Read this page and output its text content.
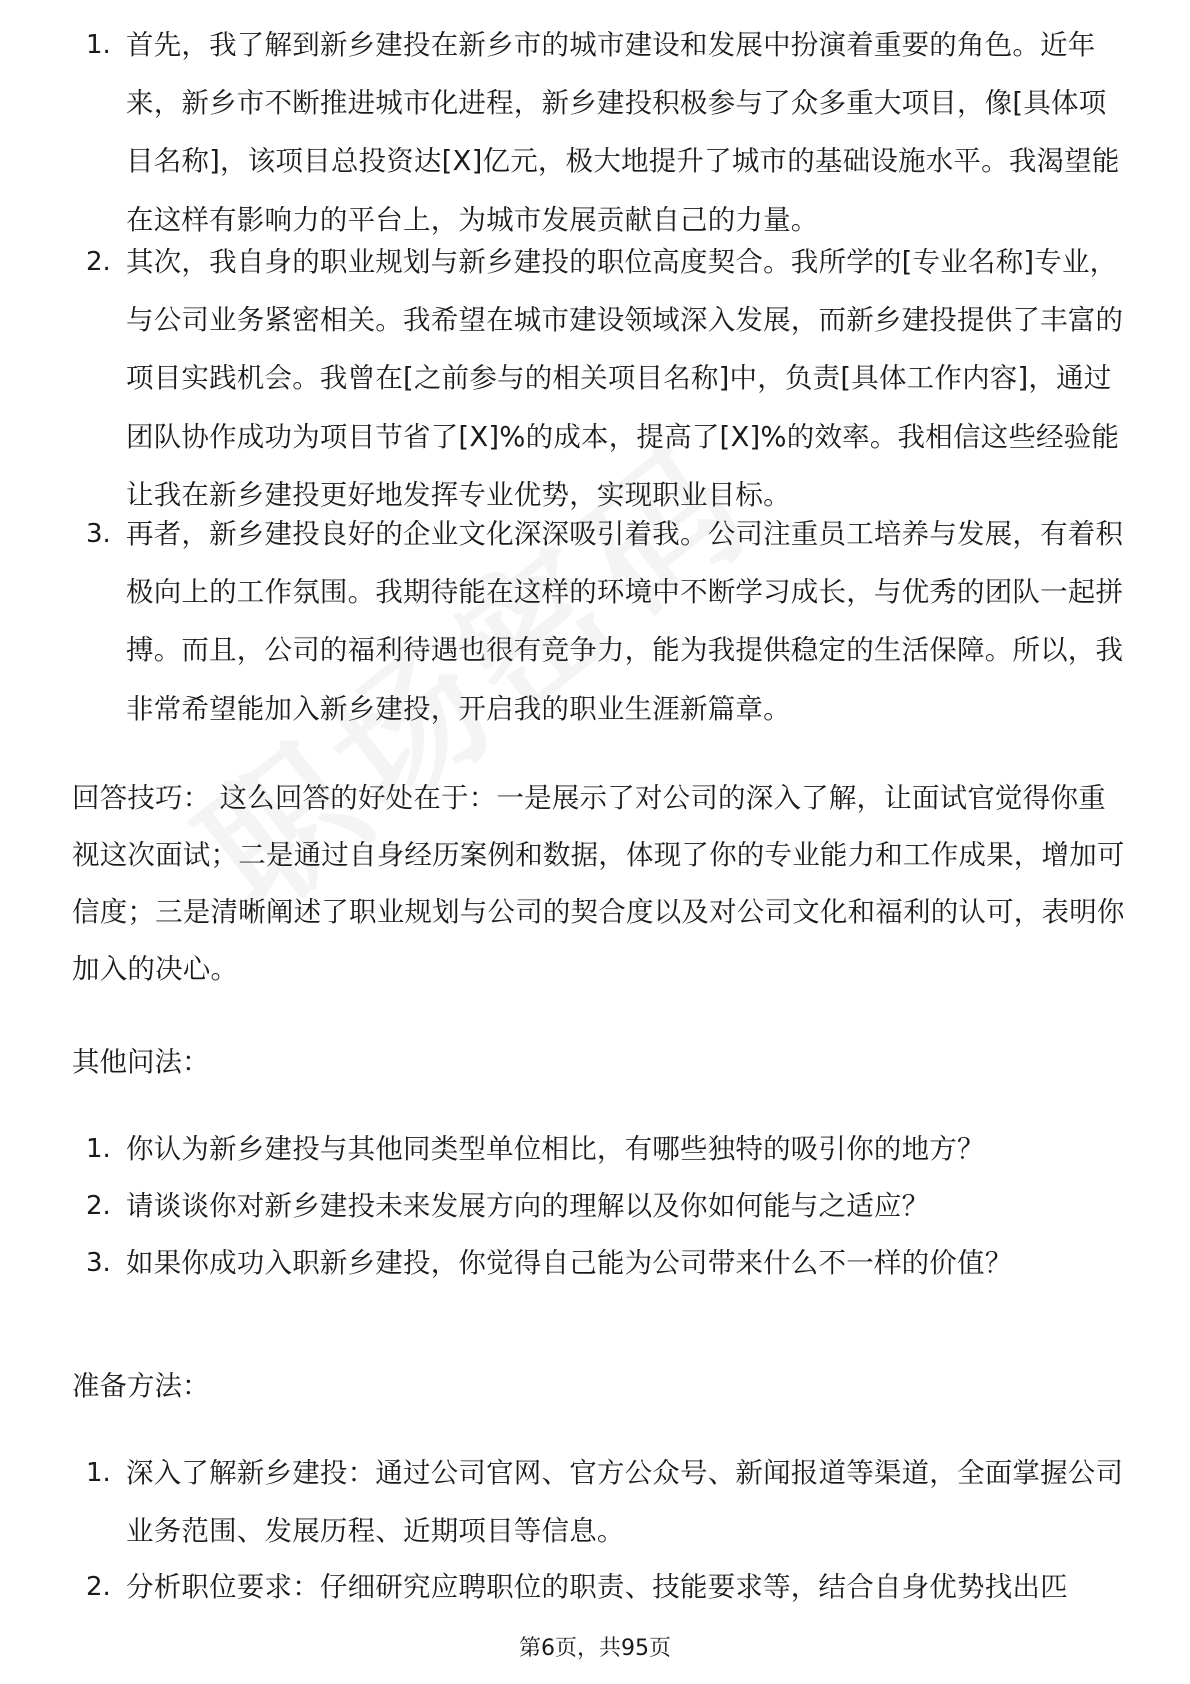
1. 首先，我了解到新乡建投在新乡市的城市建设和发展中扮演着重要的角色。近年来，新乡市不断推进城市化进程，新乡建投积极参与了众多重大项目，像[具体项目名称]，该项目总投资达[X]亿元，极大地提升了城市的基础设施水平。我渴望能在这样有影响力的平台上，为城市发展贡献自己的力量。
2. 其次，我自身的职业规划与新乡建投的职位高度契合。我所学的[专业名称]专业，与公司业务紧密相关。我希望在城市建设领域深入发展，而新乡建投提供了丰富的项目实践机会。我曾在[之前参与的相关项目名称]中，负责[具体工作内容]，通过团队协作成功为项目节省了[X]%的成本，提高了[X]%的效率。我相信这些经验能让我在新乡建投更好地发挥专业优势，实现职业目标。
3. 再者，新乡建投良好的企业文化深深吸引着我。公司注重员工培养与发展，有着积极向上的工作氛围。我期待能在这样的环境中不断学习成长，与优秀的团队一起拼搏。而且，公司的福利待遇也很有竞争力，能为我提供稳定的生活保障。所以，我非常希望能加入新乡建投，开启我的职业生涯新篇章。
回答技巧： 这么回答的好处在于：一是展示了对公司的深入了解，让面试官觉得你重视这次面试；二是通过自身经历案例和数据，体现了你的专业能力和工作成果，增加可信度；三是清晰阐述了职业规划与公司的契合度以及对公司文化和福利的认可，表明你加入的决心。
其他问法：
1. 你认为新乡建投与其他同类型单位相比，有哪些独特的吸引你的地方？
2. 请谈谈你对新乡建投未来发展方向的理解以及你如何能与之适应？
3. 如果你成功入职新乡建投，你觉得自己能为公司带来什么不一样的价值？
准备方法：
1. 深入了解新乡建投：通过公司官网、官方公众号、新闻报道等渠道，全面掌握公司业务范围、发展历程、近期项目等信息。
2. 分析职位要求：仔细研究应聘职位的职责、技能要求等，结合自身优势找出匹
第6页，共95页
